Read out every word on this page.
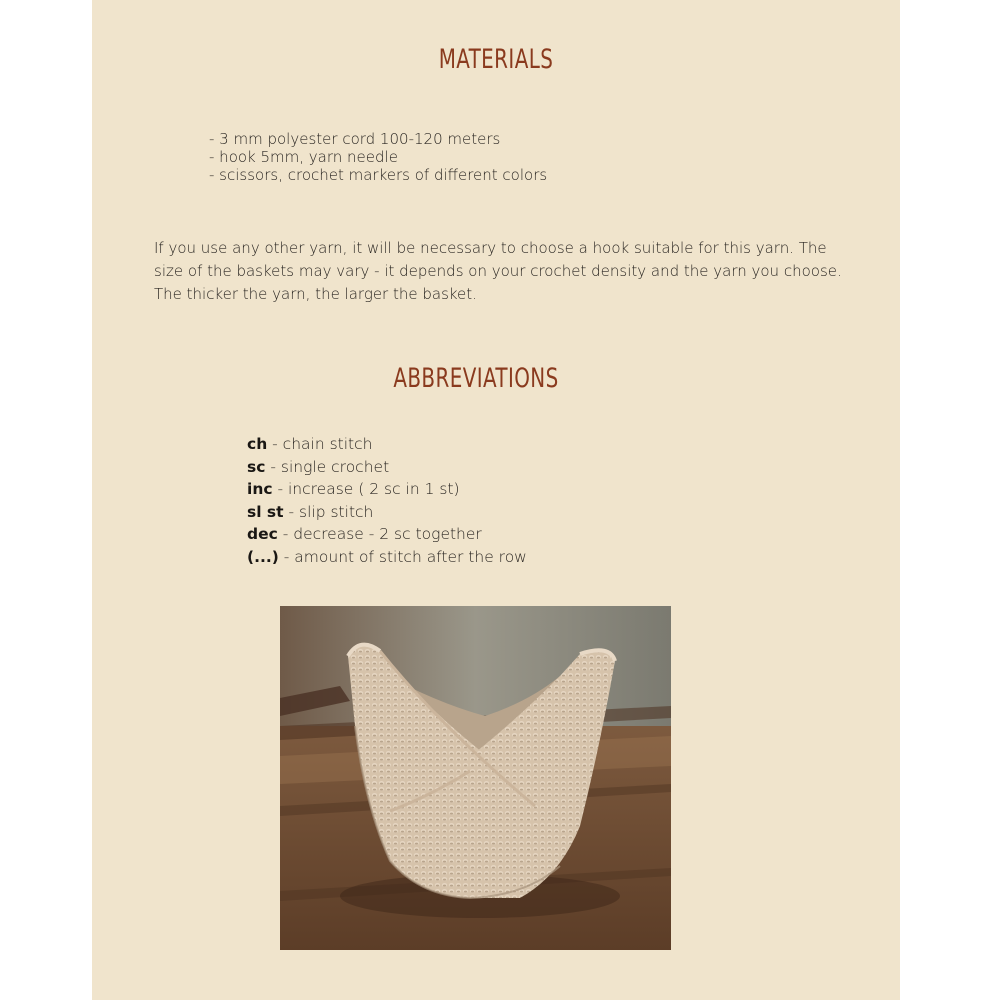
MATERIALS
- 3 mm polyester cord 100-120 meters
- hook 5mm, yarn needle
- scissors, crochet markers of different colors

If you use any other yarn, it will be necessary to choose a hook suitable for this yarn. The size of the baskets may vary - it depends on your crochet density and the yarn you choose. The thicker the yarn, the larger the basket.

ABBREVIATIONS
ch - chain stitch
sc - single crochet
inc - increase ( 2 sc in 1 st)
sl st - slip stitch
dec - decrease - 2 sc together
(...) - amount of stitch after the row
